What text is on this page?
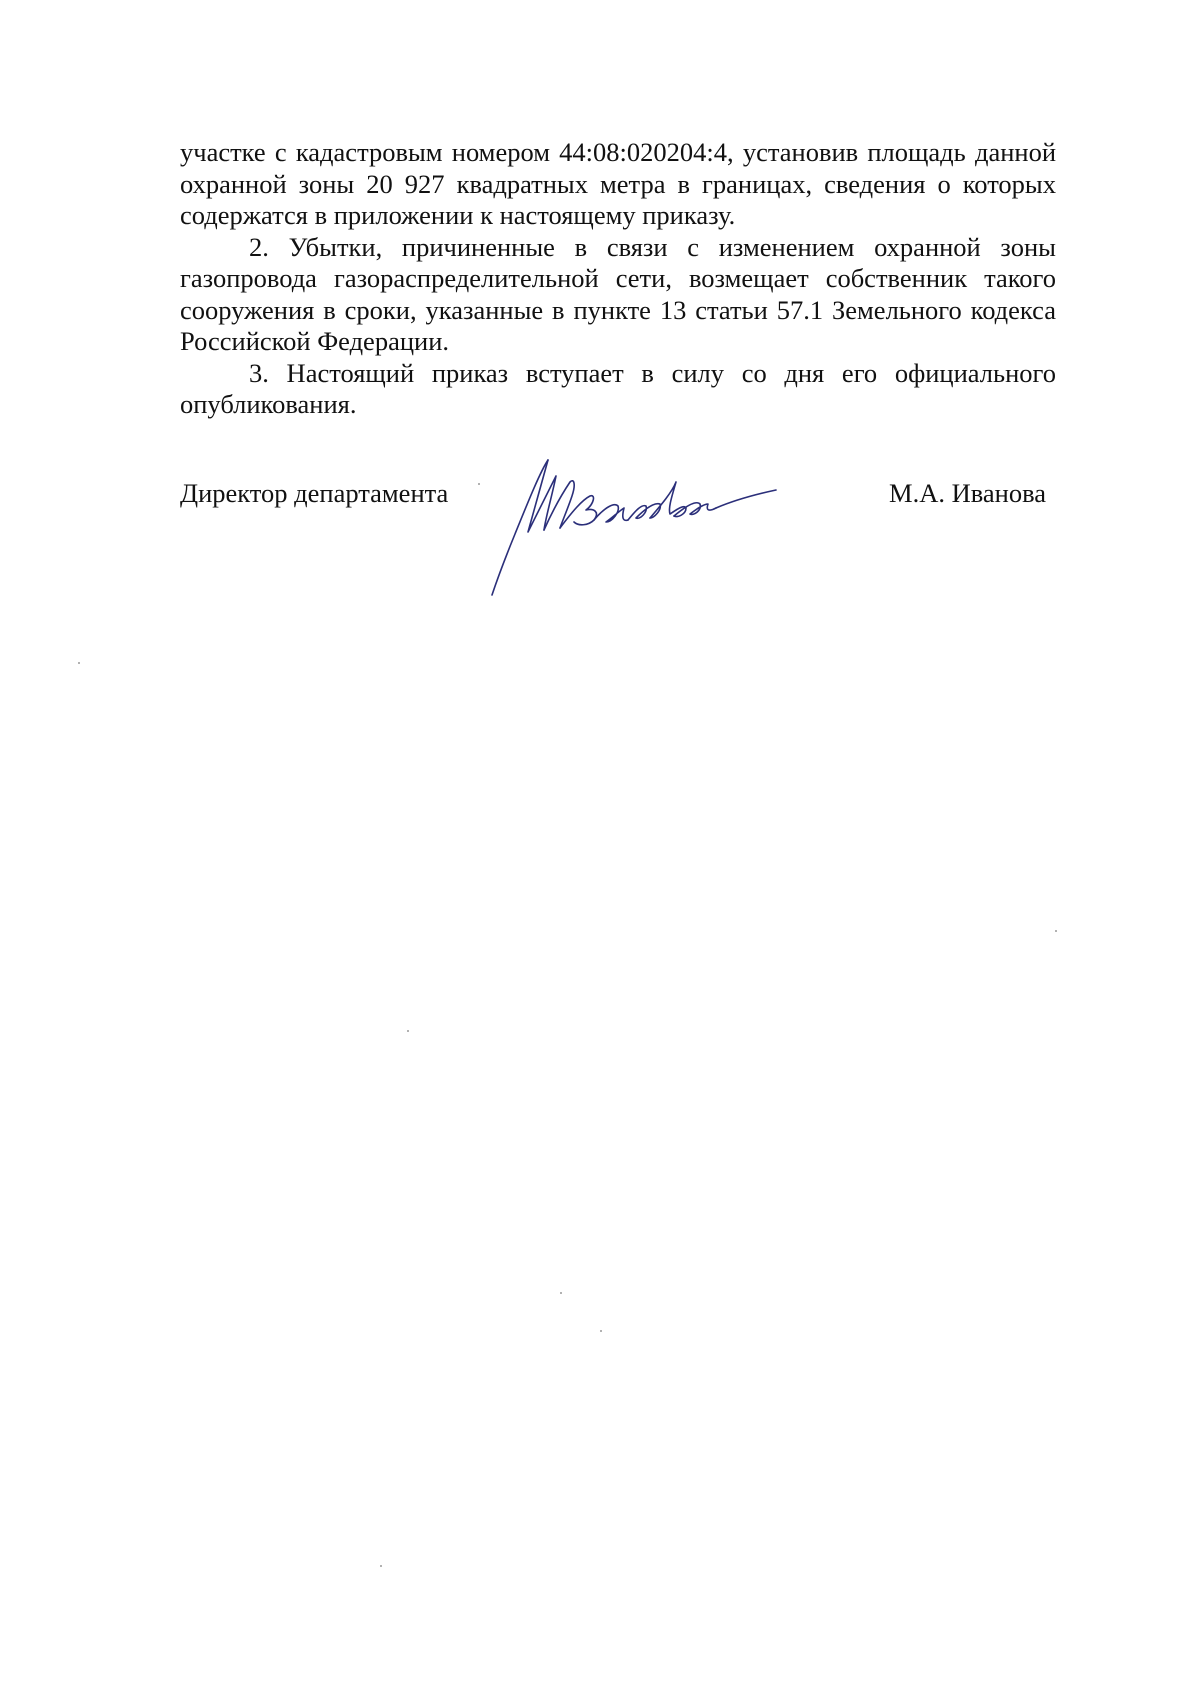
участке с кадастровым номером 44:08:020204:4, установив площадь данной охранной зоны 20 927 квадратных метра в границах, сведения о которых содержатся в приложении к настоящему приказу.

2. Убытки, причиненные в связи с изменением охранной зоны газопровода газораспределительной сети, возмещает собственник такого сооружения в сроки, указанные в пункте 13 статьи 57.1 Земельного кодекса Российской Федерации.

3. Настоящий приказ вступает в силу со дня его официального опубликования.

Директор департамента	М.А. Иванова
